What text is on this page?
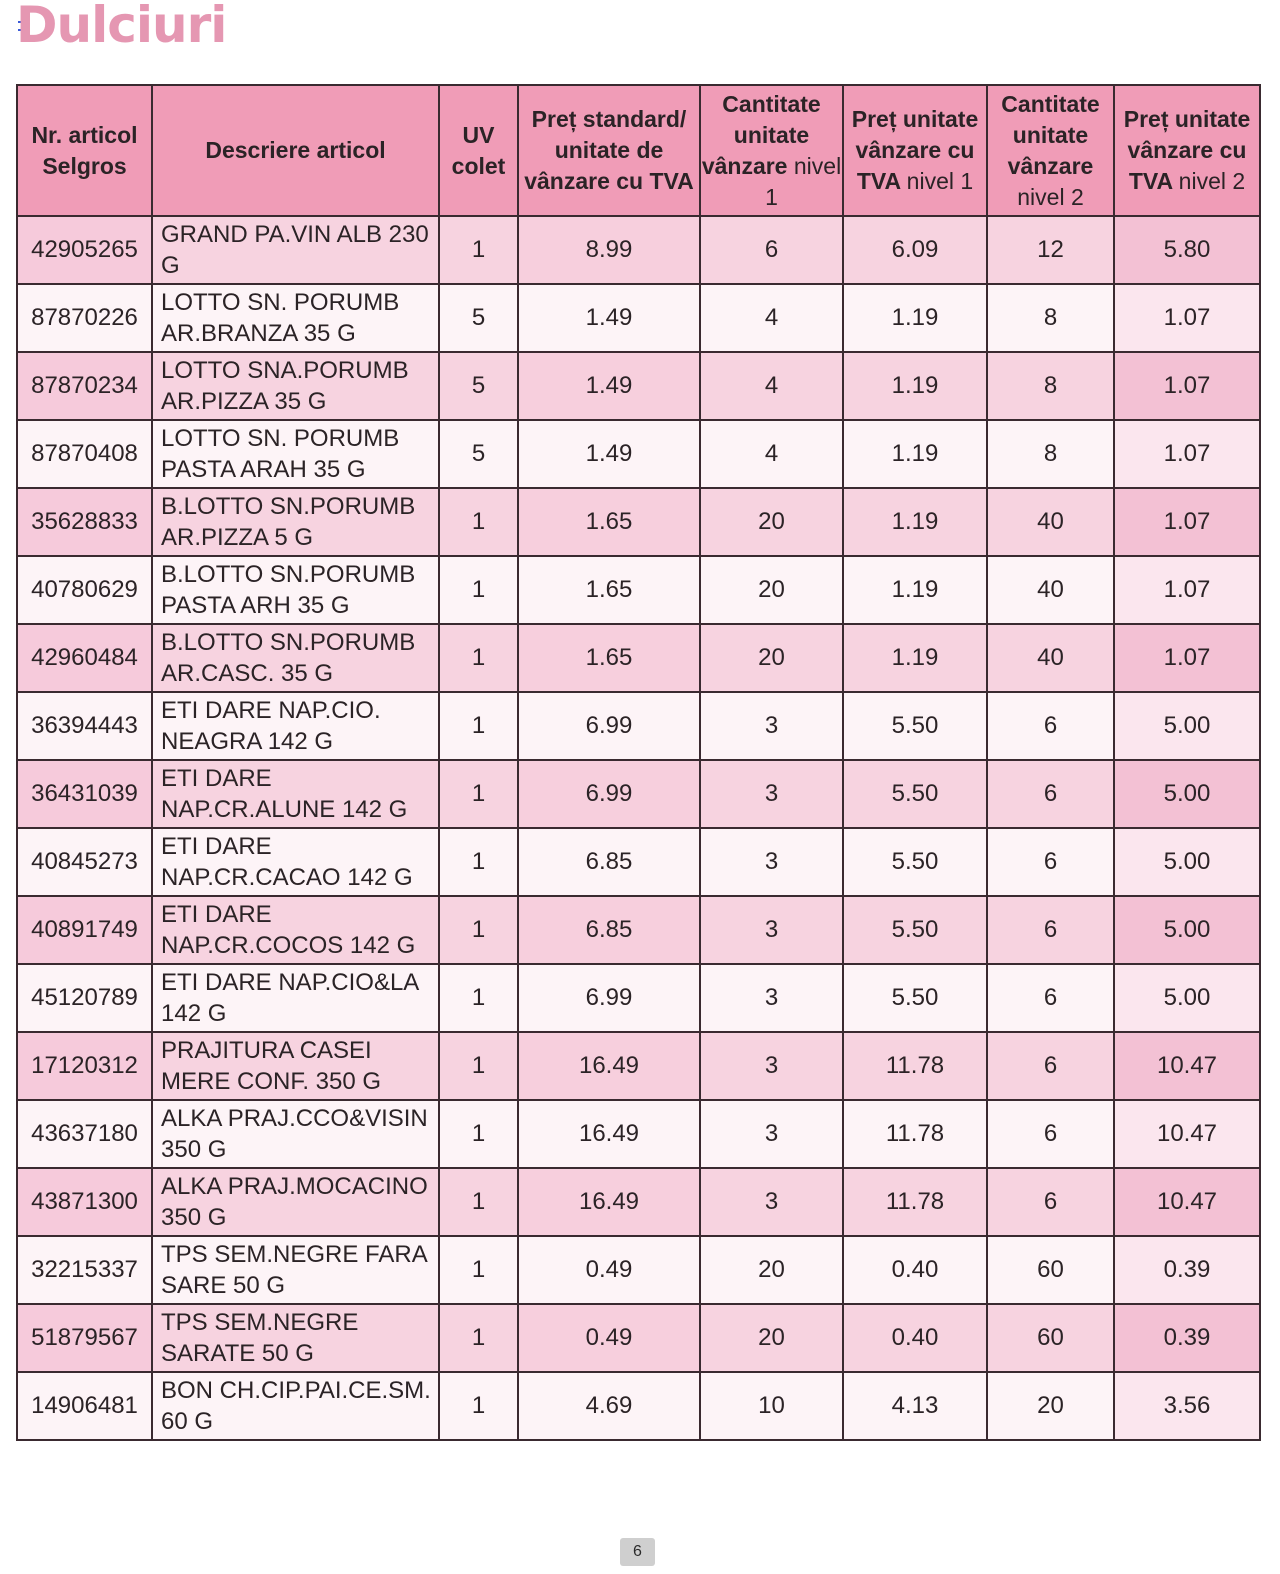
Dulciuri
Nr. articol Selgros	Descriere articol	UV colet	Preț standard/ unitate de vânzare cu TVA	Cantitate unitate vânzare nivel 1	Preț unitate vânzare cu TVA nivel 1	Cantitate unitate vânzare nivel 2	Preț unitate vânzare cu TVA nivel 2
42905265	GRAND PA.VIN ALB 230 G	1	8.99	6	6.09	12	5.80
87870226	LOTTO SN. PORUMB AR.BRANZA 35 G	5	1.49	4	1.19	8	1.07
87870234	LOTTO SNA.PORUMB AR.PIZZA 35 G	5	1.49	4	1.19	8	1.07
87870408	LOTTO SN. PORUMB PASTA ARAH 35 G	5	1.49	4	1.19	8	1.07
35628833	B.LOTTO SN.PORUMB AR.PIZZA 5 G	1	1.65	20	1.19	40	1.07
40780629	B.LOTTO SN.PORUMB PASTA ARH 35 G	1	1.65	20	1.19	40	1.07
42960484	B.LOTTO SN.PORUMB AR.CASC. 35 G	1	1.65	20	1.19	40	1.07
36394443	ETI DARE NAP.CIO. NEAGRA 142 G	1	6.99	3	5.50	6	5.00
36431039	ETI DARE NAP.CR.ALUNE 142 G	1	6.99	3	5.50	6	5.00
40845273	ETI DARE NAP.CR.CACAO 142 G	1	6.85	3	5.50	6	5.00
40891749	ETI DARE NAP.CR.COCOS 142 G	1	6.85	3	5.50	6	5.00
45120789	ETI DARE NAP.CIO&LA 142 G	1	6.99	3	5.50	6	5.00
17120312	PRAJITURA CASEI MERE CONF. 350 G	1	16.49	3	11.78	6	10.47
43637180	ALKA PRAJ.CCO&VISIN 350 G	1	16.49	3	11.78	6	10.47
43871300	ALKA PRAJ.MOCACINO 350 G	1	16.49	3	11.78	6	10.47
32215337	TPS SEM.NEGRE FARA SARE 50 G	1	0.49	20	0.40	60	0.39
51879567	TPS SEM.NEGRE SARATE 50 G	1	0.49	20	0.40	60	0.39
14906481	BON CH.CIP.PAI.CE.SM. 60 G	1	4.69	10	4.13	20	3.56
6
